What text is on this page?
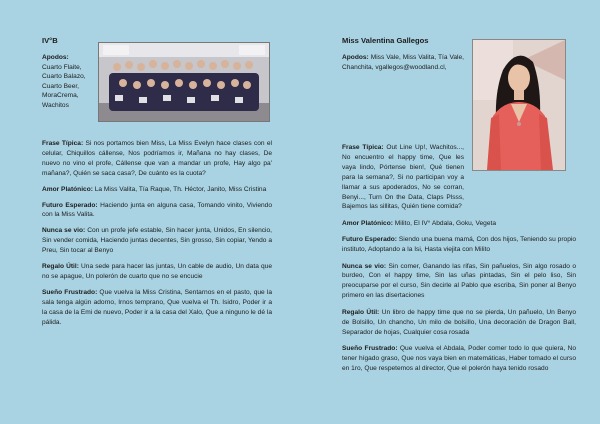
IV°B
Apodos:
Cuarto Flaite, Cuarto Balazo, Cuarto Beer, MoraCrema, Wachitos

Frase Típica: Si nos portamos bien Miss, La Miss Evelyn hace clases con el celular, Chiquillos cállense, Nos podríamos ir, Mañana no hay clases, De nuevo no vino el profe, Cállense que van a mandar un profe, Hay algo pa' mañana?, Quién se saca casa?, De cuánto es la cuota?

Amor Platónico: La Miss Valita, Tía Raque, Th. Héctor, Janito, Miss Cristina

Futuro Esperado: Haciendo junta en alguna casa, Tomando vinito, Viviendo con la Miss Valita.

Nunca se vio: Con un profe jefe estable, Sin hacer junta, Unidos, En silencio, Sin vender comida, Haciendo juntas decentes, Sin grosso, Sin copiar, Yendo a Preu, Sin tocar al Benyo

Regalo Útil: Una sede para hacer las juntas, Un cable de audio, Un data que no se apague, Un polerón de cuarto que no se encucie

Sueño Frustrado: Que vuelva la Miss Cristina, Sentarnos en el pasto, que la sala tenga algún adorno, Irnos temprano, Que vuelva el Th. Isidro, Poder ir a la casa de la Emi de nuevo, Poder ir a la casa del Xalo, Que a ninguno le dé la pálida.

Miss Valentina Gallegos
Apodos: Miss Vale, Miss Valita, Tía Vale, Chanchita, vgallegos@woodland.cl,

Frase Típica: Out Line Up!, Wachitos..., No encuentro el happy time, Que les vaya lindo, Pórtense bien!, Qué tienen para la semana?, Si no participan voy a llamar a sus apoderados, No se corran, Benyi..., Turn On the Data, Claps Plsss, Bajemos las sillitas, Quién tiene comida?

Amor Platónico: Milito, El IV° Abdala, Goku, Vegeta

Futuro Esperado: Siendo una buena mamá, Con dos hijos, Teniendo su propio instituto, Adoptando a la Isi, Hasta viejita con Milito

Nunca se vio: Sin comer, Ganando las rifas, Sin pañuelos, Sin algo rosado o burdeo, Con el happy time, Sin las uñas pintadas, Sin el pelo liso, Sin preocuparse por el curso, Sin decirle al Pablo que escriba, Sin poner al Benyo primero en las disertaciones

Regalo Útil: Un libro de happy time que no se pierda, Un pañuelo, Un Benyo de Bolsillo, Un chancho, Un milo de bolsillo, Una decoración de Dragon Ball, Separador de hojas, Cualquier cosa rosada

Sueño Frustrado: Que vuelva el Abdala, Poder comer todo lo que quiera, No tener hígado graso, Que nos vaya bien en matemáticas, Haber tomado el curso en 1ro, Que respetemos al director, Que el polerón haya tenido rosado
